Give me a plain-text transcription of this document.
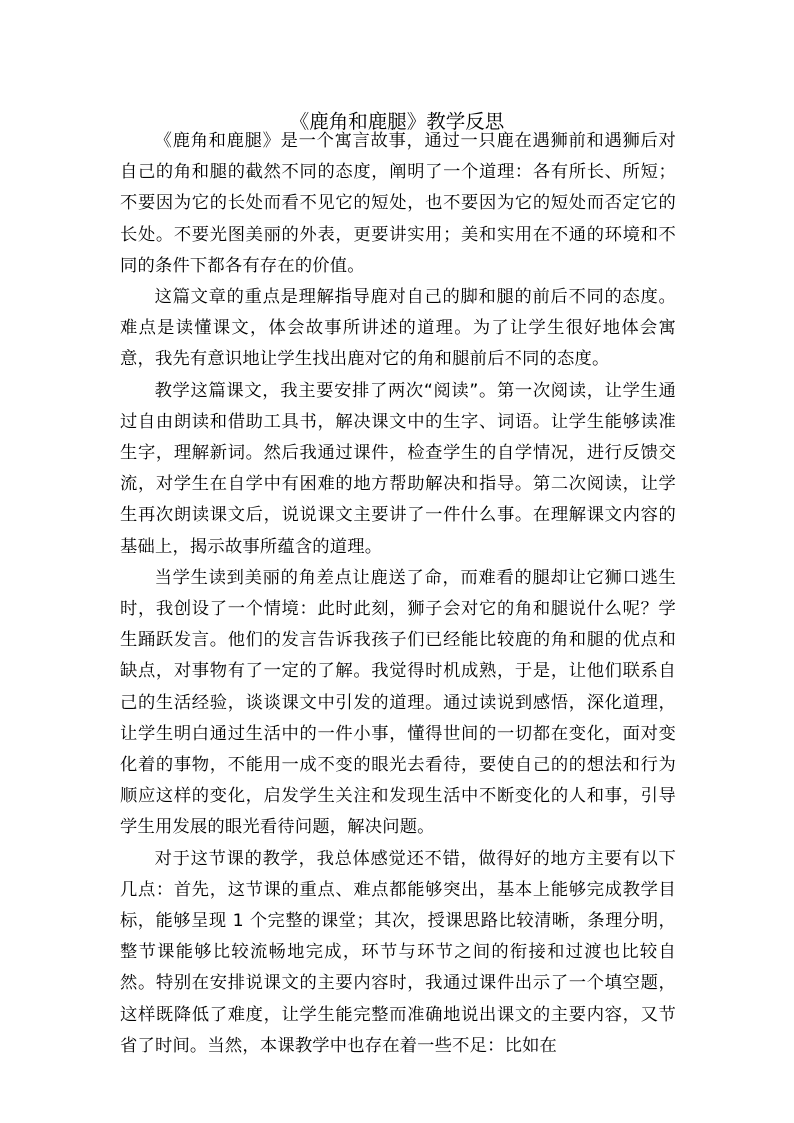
《鹿角和鹿腿》教学反思

《鹿角和鹿腿》是一个寓言故事，通过一只鹿在遇狮前和遇狮后对自己的角和腿的截然不同的态度，阐明了一个道理：各有所长、所短；不要因为它的长处而看不见它的短处，也不要因为它的短处而否定它的长处。不要光图美丽的外表，更要讲实用；美和实用在不通的环境和不同的条件下都各有存在的价值。

这篇文章的重点是理解指导鹿对自己的脚和腿的前后不同的态度。难点是读懂课文，体会故事所讲述的道理。为了让学生很好地体会寓意，我先有意识地让学生找出鹿对它的角和腿前后不同的态度。

教学这篇课文，我主要安排了两次“阅读”。第一次阅读，让学生通过自由朗读和借助工具书，解决课文中的生字、词语。让学生能够读准生字，理解新词。然后我通过课件，检查学生的自学情况，进行反馈交流，对学生在自学中有困难的地方帮助解决和指导。第二次阅读，让学生再次朗读课文后，说说课文主要讲了一件什么事。在理解课文内容的基础上，揭示故事所蕴含的道理。

当学生读到美丽的角差点让鹿送了命，而难看的腿却让它狮口逃生时，我创设了一个情境：此时此刻，狮子会对它的角和腿说什么呢？学生踊跃发言。他们的发言告诉我孩子们已经能比较鹿的角和腿的优点和缺点，对事物有了一定的了解。我觉得时机成熟，于是，让他们联系自己的生活经验，谈谈课文中引发的道理。通过读说到感悟，深化道理，让学生明白通过生活中的一件小事，懂得世间的一切都在变化，面对变化着的事物，不能用一成不变的眼光去看待，要使自己的的想法和行为顺应这样的变化，启发学生关注和发现生活中不断变化的人和事，引导学生用发展的眼光看待问题，解决问题。

对于这节课的教学，我总体感觉还不错，做得好的地方主要有以下几点：首先，这节课的重点、难点都能够突出，基本上能够完成教学目标，能够呈现 1 个完整的课堂；其次，授课思路比较清晰，条理分明，整节课能够比较流畅地完成，环节与环节之间的衔接和过渡也比较自然。特别在安排说课文的主要内容时，我通过课件出示了一个填空题，这样既降低了难度，让学生能完整而准确地说出课文的主要内容，又节省了时间。当然，本课教学中也存在着一些不足：比如在
